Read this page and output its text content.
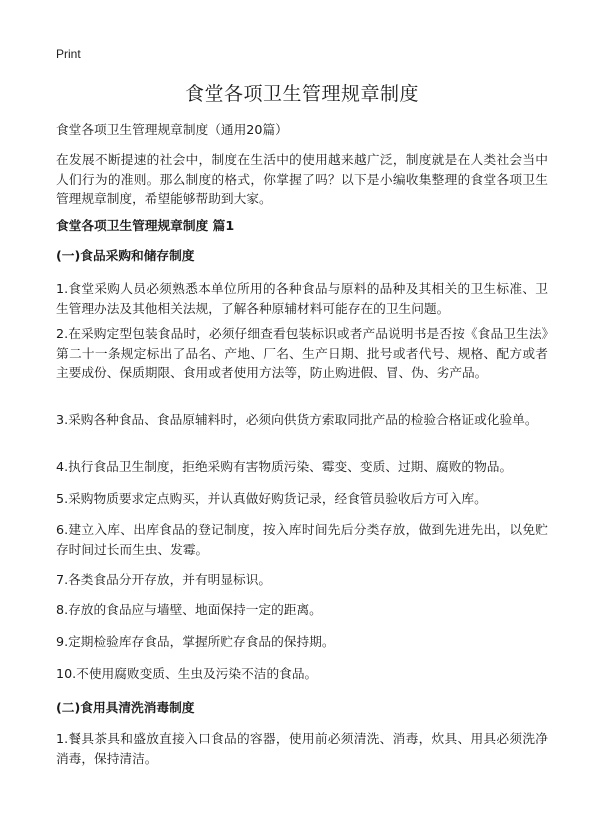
Print
食堂各项卫生管理规章制度

食堂各项卫生管理规章制度（通用20篇）

在发展不断提速的社会中，制度在生活中的使用越来越广泛，制度就是在人类社会当中人们行为的准则。那么制度的格式，你掌握了吗？以下是小编收集整理的食堂各项卫生管理规章制度，希望能够帮助到大家。

食堂各项卫生管理规章制度 篇1

(一)食品采购和储存制度

1.食堂采购人员必须熟悉本单位所用的各种食品与原料的品种及其相关的卫生标准、卫生管理办法及其他相关法规，了解各种原辅材料可能存在的卫生问题。

2.在采购定型包装食品时，必须仔细查看包装标识或者产品说明书是否按《食品卫生法》第二十一条规定标出了品名、产地、厂名、生产日期、批号或者代号、规格、配方或者主要成份、保质期限、食用或者使用方法等，防止购进假、冒、伪、劣产品。

3.采购各种食品、食品原辅料时，必须向供货方索取同批产品的检验合格证或化验单。

4.执行食品卫生制度，拒绝采购有害物质污染、霉变、变质、过期、腐败的物品。

5.采购物质要求定点购买，并认真做好购货记录，经食管员验收后方可入库。

6.建立入库、出库食品的登记制度，按入库时间先后分类存放，做到先进先出，以免贮存时间过长而生虫、发霉。

7.各类食品分开存放，并有明显标识。

8.存放的食品应与墙壁、地面保持一定的距离。

9.定期检验库存食品，掌握所贮存食品的保持期。

10.不使用腐败变质、生虫及污染不洁的食品。

(二)食用具清洗消毒制度

1.餐具茶具和盛放直接入口食品的容器，使用前必须清洗、消毒，炊具、用具必须洗净消毒，保持清洁。
